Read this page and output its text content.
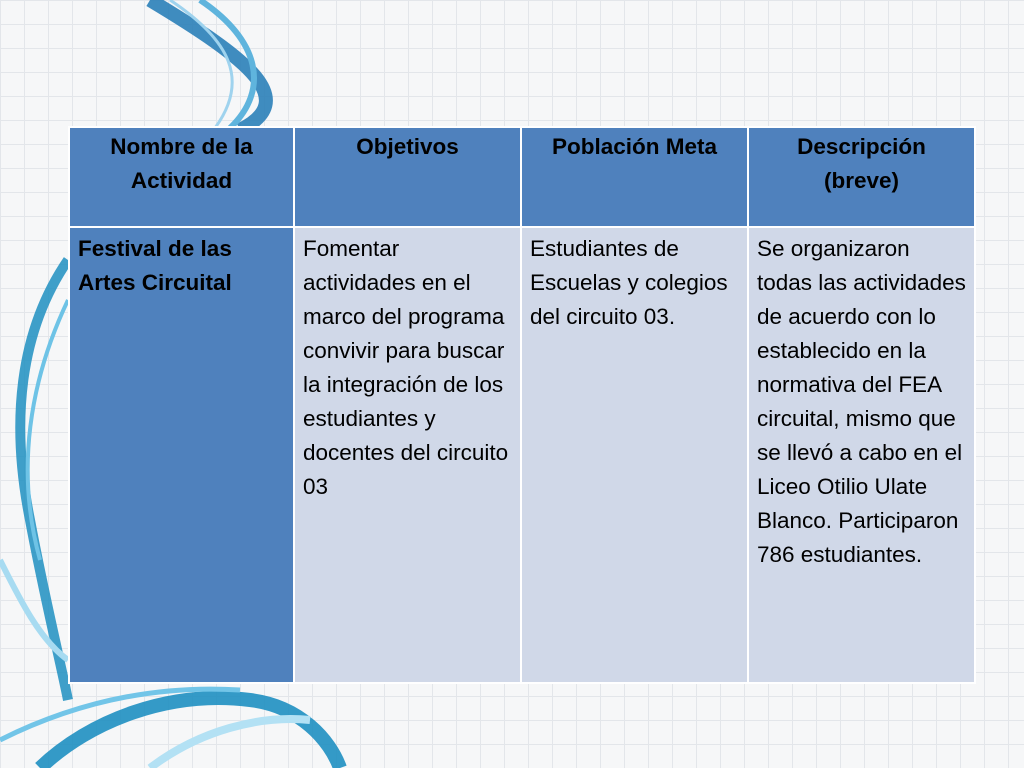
Nombre de la Actividad	Objetivos	Población Meta	Descripción (breve)
Festival de las Artes Circuital	Fomentar actividades en el marco del programa convivir para buscar la integración de los estudiantes y docentes del circuito 03	Estudiantes de Escuelas y colegios del circuito 03.	Se organizaron todas las actividades de acuerdo con lo establecido en la normativa del FEA circuital, mismo que se llevó a cabo en el Liceo Otilio Ulate Blanco. Participaron 786 estudiantes.
